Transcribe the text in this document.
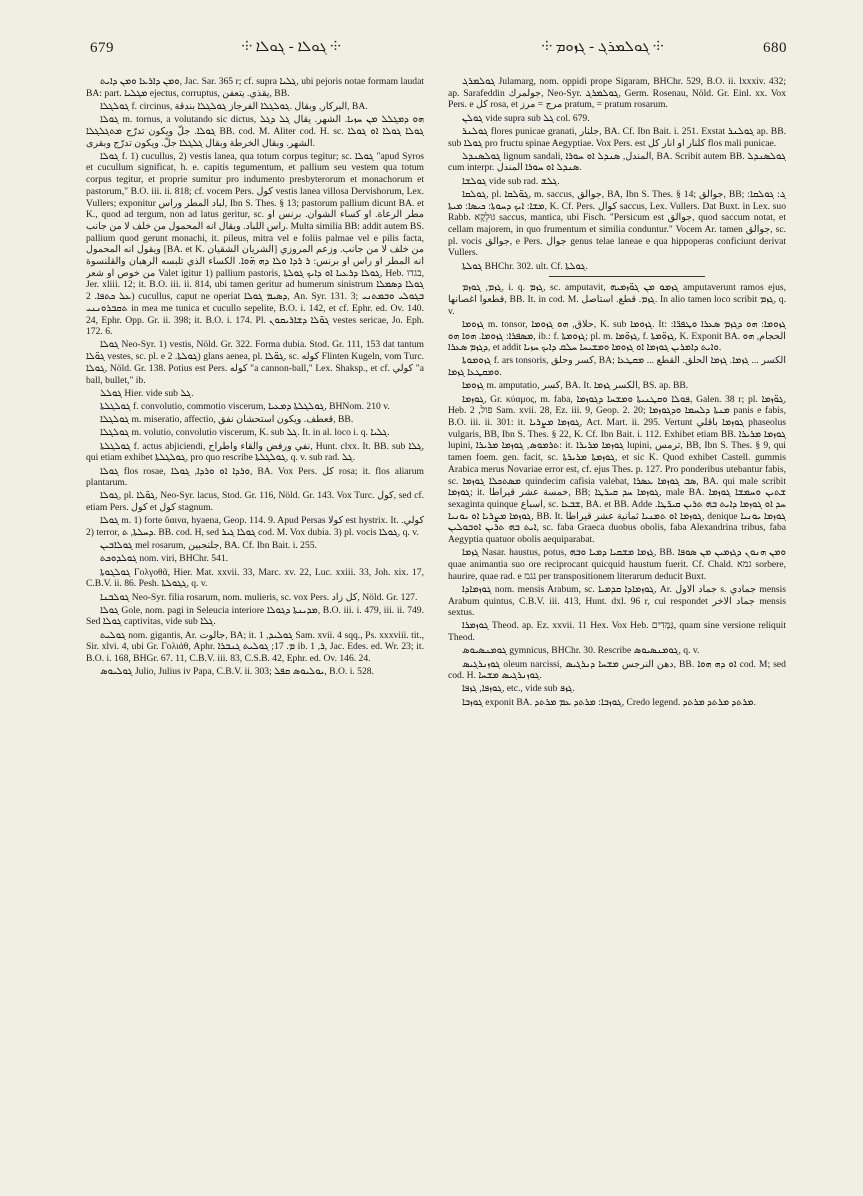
679	⸭ ܓܘܠܐ - ܓܘܠܐ ⸭	⸭ ܓܘܠܡܪܓ - ܓܙܘܡ ⸭	680

ܘܡܢ ܕܐܪܥܐ ܘܡܢ ܕܐܝܬ, Jac. Sar. 365 r; cf. supra ܓܠܝܐ, ubi pejoris notae formam laudat BA: part. ܡܓܠܝܐ ejectus, corruptus, يقذي. يتعفن, BB.

ܓܘܠܓܠܐ f. circinus, البركار, وبقال .ܓܘܠܓܠܐ الفرجاز ܓܘܠܓܠܐ بندقة, BA.

ܓܘܠܐ m. tornus, a volutando sic dictus, ܗܘ ܕܡܓܠܠ ܡܢ ܚܙܝܐ. الشهر. يقال ܓܠ ܕܓܠ ܓܘܠܐ. جلّ ويكون تدرّج ܡܬܓܠܓܠܐ BB. cod. M. Aliter cod. H. sc. ܓܘܠܐ ܓܘܠܐ ܐܘ ܓܘܠܐ الشهر. وبقال الخرطة وبقال ܓܠܓܠܐ جلّ. ويكون تدرّج وبقرى.

ܓܘܠܐ f. 1) cucullus, 2) vestis lanea, qua totum corpus tegitur; sc. ܓܘܠܐ "apud Syros et cucullum significat, h. e. capitis tegumentum, et pallium seu vestem qua totum corpus tegitur, et proprie sumitur pro indumento presbyterorum et monachorum et pastorum," B.O. iii. ii. 818; cf. vocem Pers. كول vestis lanea villosa Dervishorum, Lex. Vullers; exponitur لباد المطر وراس, Ibn S. Thes. § 13; pastorum pallium dicunt BA. et K., quod ad tergum, non ad latus geritur, sc. مطر الرعاة. او كساء الشوان. برنس او راس اللباد. ويقال انه المحمول من خلف لا من جانب. Multa similia BB: addit autem BS. pallium quod gerunt monachi, it. pileus, mitra vel e foliis palmae vel e pilis facta, ويقول انه المحمول [BA. et K. الشريان الشقيان] من خلف لا من جانب. وزعم المروزي انه المطر او راس او برنس: ܪ ܪܕܐ ܘܠܐ ܕܗ ܗ̈ܘܐ. الكساء الذي تلبسه الرهبان والقلنسوة من خوص او شعر Valet igitur 1) pallium pastoris, ܓܘܠܐ ܕܪܥܝܐ ܐܘ ܕܐܝܟ ܓܘܠܬܐ, Heb. בגדו, Jer. xliii. 12; it. B.O. iii. ii. 814, ubi tamen geritur ad humerum sinistrum ܓܘܠܐ ܕܣܡܠܐ ܥܠ ܟܬܦܐ. 2) cucullus, caput ne operiat ܕܣܝܡ ܓܘܠܐ, An. Syr. 131. 3; ܒܓܘܠܝ ܘܒܡܬܢܝ ܬܩܒܪܘܢܢܝ in mea me tunica et cucullo sepelite, B.O. i. 142, et cf. Ephr. ed. Ov. 140. 24, Ephr. Opp. Gr. ii. 398; it. B.O. i. 174. Pl. ܓܘ̈ܠܐ ܕܫܐܪܝܩܘܢ vestes sericae, Jo. Eph. 172. 6.

ܓܘܠܐ Neo-Syr. 1) vestis, Nöld. Gr. 322. Forma dubia. Stod. Gr. 111, 153 dat tantum ܓܘ̈ܠܐ vestes, sc. pl. e ܓܘܠܬܐ. 2) glans aenea, pl. ܓܘ̈ܠܐ, sc. كوله Flinten Kugeln, vom Turc. ܓܘܠܐ, Nöld. Gr. 138. Potius est Pers. كوله "a cannon-ball," Lex. Shaksp., et cf. كولي "a ball, bullet," ib.

ܓܘܠܠ Hier. vide sub ܓܠ.

ܓܘܠܓܠܬܐ f. convolutio, commotio viscerum, ܓܘܠܓܠܬܐ ܕܡܥܝܐ, BHNom. 210 v.

ܓܘܠܓܠܐ m. miseratio, affectio, قعطف. ويكون استحشان نفق, BB.

ܓܘܠܓܠܐ m. volutio, convolutio viscerum, K. sub ܓܠ. It. in al. loco i. q. ܓܠܝܐ.

ܓܘܠܓܠܬܐ f. actus abjiciendi, نفي ورفض والقاء واطراح, Hunt. clxx. It. BB. sub ܓܠܐ, qui etiam exhibet ܓܘܠܓܠܬܐ, pro quo rescribe ܓܘܠܓܠܬܐ, q. v. sub rad. ܓܠ.

ܓܘܠܐ flos rosae, ܘܪܕܐ ܐܘ ܘܪܕܐ, ܓܘܠܐ, BA. Vox Pers. كل rosa; it. flos aliarum plantarum.

ܓܘܠܐ, pl. ܓܘ̈ܠܐ, Neo-Syr. lacus, Stod. Gr. 116, Nöld. Gr. 143. Vox Turc. كول, sed cf. etiam Pers. كول et كول stagnum.

ܓܘܠܐ m. 1) forte ὕαινα, hyaena, Geop. 114. 9. Apud Persas كولا est hystrix. It. كولي. 2) terror, ܕܚܠܬܐ, ܬ. BB. cod. H, sed ܓܘܠܐ ܓܝܪ cod. M. Vox dubia. 3) pl. vocis ܓܘܠܐ, q. v.

ܓܘܠܐܒܝܢ mel rosarum, جلنجبين, BA. Cf. Ibn Bait. i. 255.

ܓܘܠܕܘܟܬ nom. viri, BHChr. 541.

ܓܘܠܓܘܬܐ Γολγοθᾶ, Hier. Mat. xxvii. 33, Marc. xv. 22, Luc. xxiii. 33, Joh. xix. 17, C.B.V. ii. 86. Pesh. ܓܓܘܠܬܐ, q. v.

ܓܘܠܒܢܐ Neo-Syr. filia rosarum, nom. mulieris, sc. vox Pers. كل زاد, Nöld. Gr. 127.

ܓܘܠܐ Gole, nom. pagi in Seleucia interiore ܡܕܝܢܬܐ ܕܓܘܠܐ, B.O. iii. i. 479, iii. ii. 749. Sed ܓܘܠܐ captivitas, vide sub ܓܠܐ.

ܓܘܠܝܬ nom. gigantis, Ar. جالوت, BA; it. ܓܘܠܝܕ, 1 Sam. xvii. 4 sqq., Ps. xxxviii. tit., Sir. xlvi. 4, ubi Gr. Γολιάθ, Aphr. ܡ. 17; ܓܘܠܝܬ ܓܢܒܪܐ ib. ܪ, 1, Jac. Edes. ed. Wr. 23; it. B.O. i. 168, BHGr. 67. 11, C.B.V. iii. 83, C.S.B. 42, Ephr. ed. Ov. 146. 24.

ܓܘܠܝܘܣ Julio, Julius iv Papa, C.B.V. ii. 303; ܝܘܠܝܘܣ ܩܦܠ, B.O. i. 528.

ܓܘܠܡܪܓ Julamarg, nom. oppidi prope Sigaram, BHChr. 529, B.O. ii. lxxxiv. 432; ap. Sarafeddin جولمرك, Neo-Syr. ܓܘܠܡܪܓ, Germ. Rosenau, Nöld. Gr. Einl. xx. Vox Pers. e كل rosa, et مرج = مرز pratum, = pratum rosarum.

ܓܘܠܢ vide supra sub ܓܠ col. 679.

ܓܘܠܢܪ flores punicae granati, جلنار, BA. Cf. Ibn Bait. i. 251. Exstat ܓܘܠܢܪ ap. BB. sub ܓܘܠܐ pro fructu spinae Aegyptiae. Vox Pers. est كلنار او انار كل flos mali punicae.

ܓܘܠܣܢܕܠ lignum sandali, المندل, ܣܢܕܠ ܐܘ ܚܘܪܐ, BA. Scribit autem BB. ܓܘܠܣܢܕܠ cum interpr. ܣܢܕܠ ܐܘ ܚܘܪܐ المندل.

ܓܘܠܫܐ vide sub rad. ܓܠܫ.

ܓܘܠܩܐ, pl. ܓܘ̈ܠܩܐ, m. saccus, جوالق, BA, Ibn S. Thes. § 14; جوالق, BB; ܓ: ܓܘܠܩܐ: ܡܫܐ: ܐܝܟ ܕܚܘܬܐ: ܟܝܣܐ: ܡܝܬܐ, K. Cf. Pers. كوال saccus, Lex. Vullers. Dat Buxt. in Lex. suo Rabb. גּוּלְקָא saccus, mantica, ubi Fisch. "Persicum est جوالق, quod saccum notat, et cellam majorem, in quo frumentum et similia conduntur." Vocem Ar. tamen جوالق, sc. pl. vocis جوالق, e Pers. جوال genus telae laneae e qua hippoperas conficiunt derivat Vullers.

ܓܘܠܬܐ BHChr. 302. ult. Cf. ܓܘܠܬܐ.

ܓܙܡ, ܓܘܙܡ, i. q. ܓܙܡ, sc. amputavit, ܓܙܡܘ ܡܢ ܓܘ̈ܙܡܝܗ amputaverunt ramos ejus, قطعوا اغصانها, BB. It. in cod. M. ܓܙܡ. قطع. استاصل. In alio tamen loco scribit ܓܙܡ, q. v.

ܓܙܘܡܐ m. tonsor, حلاق, ܗܘ ܓܙܘܡܐ, K. sub ܓܙܘܡܐ. It: ܓܙܘܡܐ: ܗܘ ܕܓܙܡ ܣܥܪܐ ܘܛܦܪ̈ܐ: ܡܣܦܪܐ: ܓܙܘܡܐ. ܗܘܐ ܗܘ, ib.: f. ܓܙܘܡܬܐ; pl. m. ܓܙܘ̈ܡܐ, f. ܓܙܘ̈ܡܬܐ, K. Exponit BA. الحجام, ܗܘ ܕܓܙܡ ܣܥܪܐ, et addit ܘܐܝܬ ܕܐܡܪܝܢ ܓܘܙܡܐ ܐܘ ܓܙܘܡܐ ܘܡܫܝܚܐ ܚܠܩ ܕܐܝܟ ܚܙܝܐ.

ܓܙܘܡܘܬܐ f. ars tonsoris, كسر وحلق, BA; الكسر ... ܓܙܡܐ. ܓܙܡܐ الحلق. القطع ... ܡܩܛܥܐ ܘܡܩܛܥܐ ܓܙܡܐ.

ܓܙܘܡܐ m. amputatio, كسر, BA. It. الكسر ܓܙܡܐ, BS. ap. BB.

ܓܘܙܡܐ, Gr. κύαμος, m. faba, ܦܘܠܐ ܘܩܛܢܝܬܐ ܘܡܫܚܐ ܕܓܘܙܡܐ, Galen. 38 r; pl. ܓܘ̈ܙܡܐ, Heb. פול, 2 Sam. xvii. 28, Ez. iii. 9, Geop. 2. 20; ܡܢܬܐ ܕܠܚܡܐ ܘܕܓܘܙܡܐ panis e fabis, B.O. iii. ii. 301: it. ܓܘܙܡܐ ܡܨܪܝܐ, Act. Mart. ii. 295. Vertunt ܓܘܙܡܐ باقلي phaseolus vulgaris, BB, Ibn S. Thes. § 22, K. Cf. Ibn Bait. i. 112. Exhibet etiam BB. ܓܘܙܡܐ ܡܪܝܪܐ lupini, ܬܪܡܘܣ, ܓܘܙܡܐ ܡܪܝܪܐ: it. ܓܘܙܡܐ ܡܪܝܪܐ lupini, ترمس, BB, Ibn S. Thes. § 9, qui tamen foem. gen. facit, sc. ܓܘܙܡܬܐ ܡܪܝܪܬܐ, et sic K. Quod exhibet Castell. gummis Arabica merus Novariae error est, cf. ejus Thes. p. 127. Pro ponderibus utebantur fabis, sc. ܡܣܬܟܠܐ ܓܘܙܡܐ quindecim cafisia valebat, ܣܒ ܓܘܙܡܐ ܥܣܪܐ, BA. qui male scribit ܓܘܙܡܐ; it. خمسة عشر قيراطا, BB; ܓܘܙܡܐ ܚܕ ܩܝܪܛܐ, male BA. ܫܬܝܢ ܘܚܡܫܐ ܓܘܙܡܐ sexaginta quinque اسباع, sc. ܫܒܥܐ, BA. et BB. Adde ܚܕ ܐܘ ܓܘܙܡܐ ܕܐܝܬ ܒܗ ܬܪܝܢ ܩܝܪ̈ܛܐ. ܓܘܙܡܐ ܡܨܪܝܐ ܐܘ ܝܘܢܝܐ, BB. It. ܓܘܙܡܐ ܐܘ ܬܡܢܝܐ ثمانية عشر قيراطا, denique ܓܘܙܡܐ ܝܘܢܝܐ ܐܝܬ ܒܗ ܬܪܝܢ ܐܘܒܘܠܝܢ, sc. faba Graeca duobus obolis, faba Alexandrina tribus, faba Aegyptia quatuor obolis aequiparabat.

ܓܙܡܐ Nasar. haustus, potus, ܓܙܡܐ ܡܫܩܝܐ ܕܡܝܐ ܘܒܗ, BB. ܘܡܢ ܗܢܘܢ ܕܓܙܡܝܢ ܡܢ ܣܘܦܐ quae animantia suo ore reciprocant quicquid haustum fuerit. Cf. Chald. גמא sorbere, haurire, quae rad. e נגמ per transpositionem literarum deducit Buxt.

ܓܘܙܡܐܕܐ nom. mensis Arabum, sc. ܓܘܙܡܐܕܐ ܩܕܡܝܐ, Ar. جماد الاول s. جمادي mensis Arabum quintus, C.B.V. iii. 413, Hunt. dxl. 96 r, cui respondet جماد الاخر mensis sextus.

ܓܘܙܡܪܐ Theod. ap. Ez. xxvii. 11 Hex. Vox Heb. גַּמָּדִים, quam sine versione reliquit Theod.

ܓܘܡܢܣܝܘܣ gymnicus, BHChr. 30. Rescribe ܓܘܡܢܣܝܘܣ, q. v.

ܓܘܙܢܪܓܝܣ oleum narcissi, دهن النرجس ܡܫܚܐ ܕܢܪܓܝܣ, BB. ܐܘ ܕܗ ܗܘܐ cod. M; sed cod. H. ܓܘܙܢܪܓܝܣ ܡܫܚܐ.

ܓܘܙܦܐ, ܓܙܦܐ, etc., vide sub ܓܙܦ.

ܓܘܙܒܐ exponit BA. ܓܘܙܒܐ: ܡܪܬܕ ܥܡ ܡܪܬܕ, Credo legend. ܡܪܬܕ ܡܪܬܕ ܡܪܬܕ.
